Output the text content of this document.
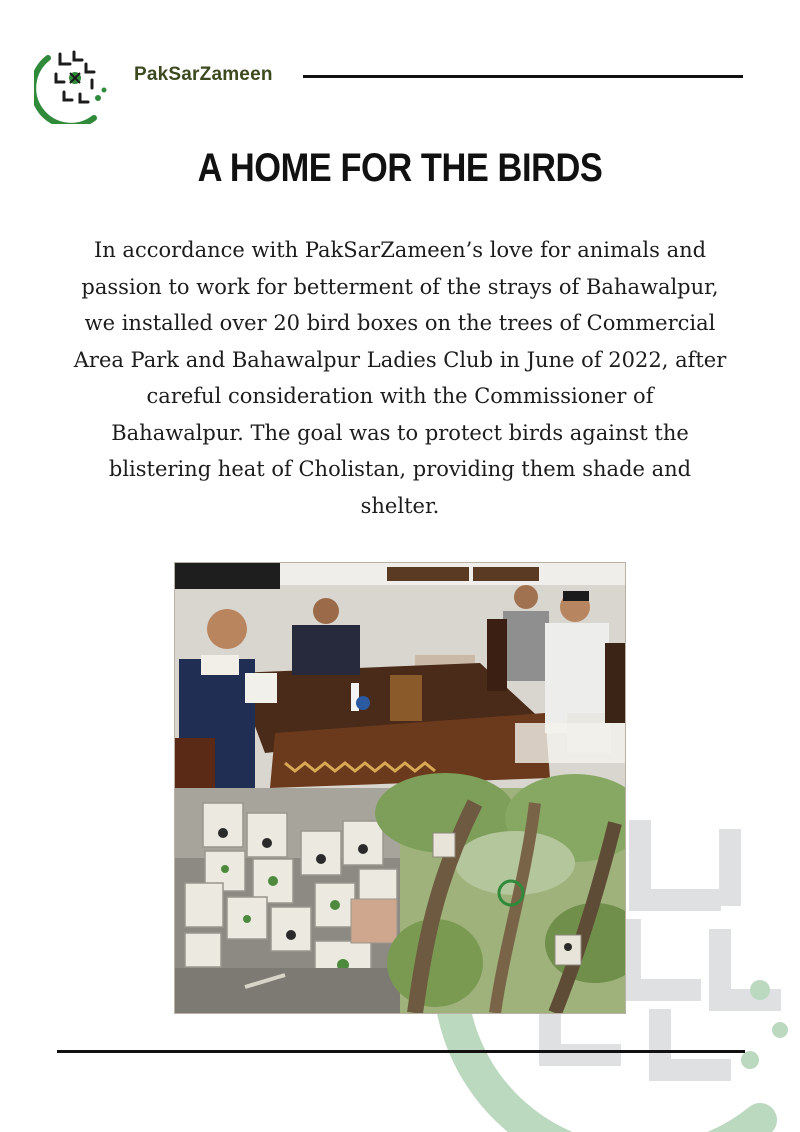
PakSarZameen
A HOME FOR THE BIRDS
In accordance with PakSarZameen’s love for animals and
passion to work for betterment of the strays of Bahawalpur,
we installed over 20 bird boxes on the trees of Commercial
Area Park and Bahawalpur Ladies Club in June of 2022, after
careful consideration with the Commissioner of
Bahawalpur. The goal was to protect birds against the
blistering heat of Cholistan, providing them shade and
shelter.
